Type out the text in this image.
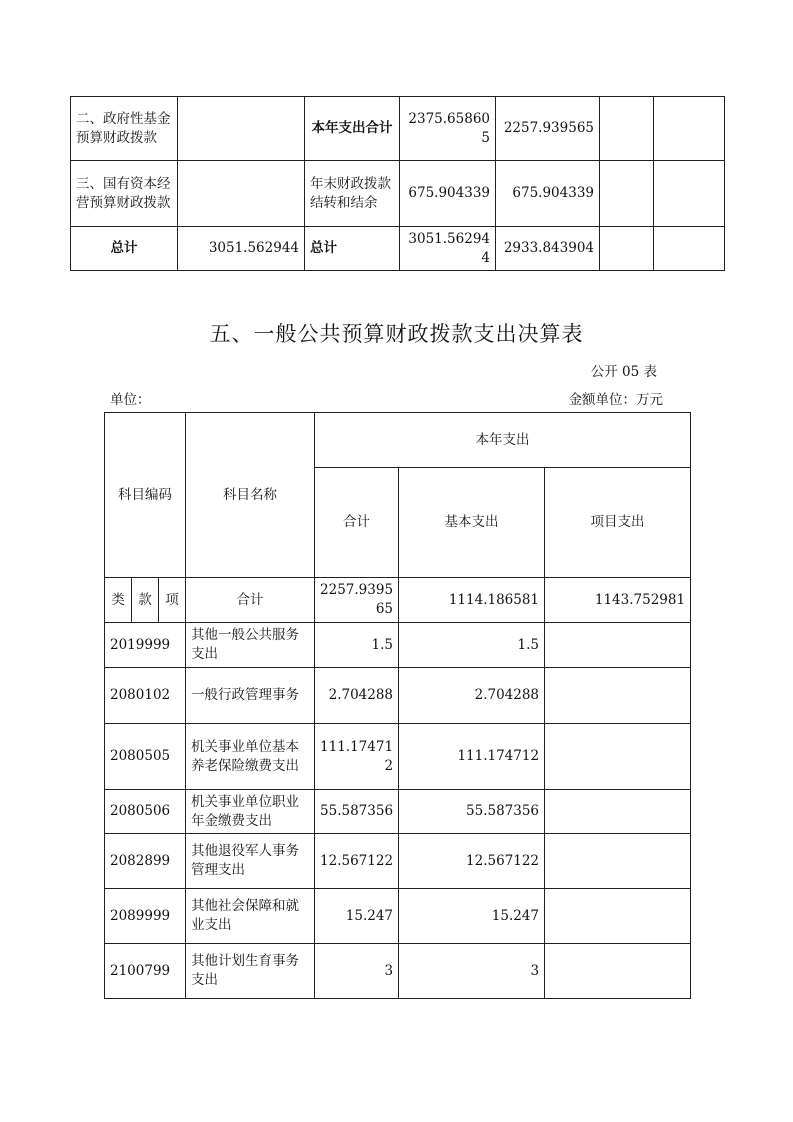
二、政府性基金预算财政拨款		本年支出合计	2375.658605	2257.939565		
三、国有资本经营预算财政拨款		年末财政拨款结转和结余	675.904339	675.904339		
总计	3051.562944	总计	3051.562944	2933.843904		
五、一般公共预算财政拨款支出决算表
公开 05 表
单位：	金额单位：万元
科目编码			科目名称	本年支出		
				合计	基本支出	项目支出
类	款	项	合计	2257.939565	1114.186581	1143.752981
2019999			其他一般公共服务支出	1.5	1.5	
2080102			一般行政管理事务	2.704288	2.704288	
2080505			机关事业单位基本养老保险缴费支出	111.174712	111.174712	
2080506			机关事业单位职业年金缴费支出	55.587356	55.587356	
2082899			其他退役军人事务管理支出	12.567122	12.567122	
2089999			其他社会保障和就业支出	15.247	15.247	
2100799			其他计划生育事务支出	3	3	
